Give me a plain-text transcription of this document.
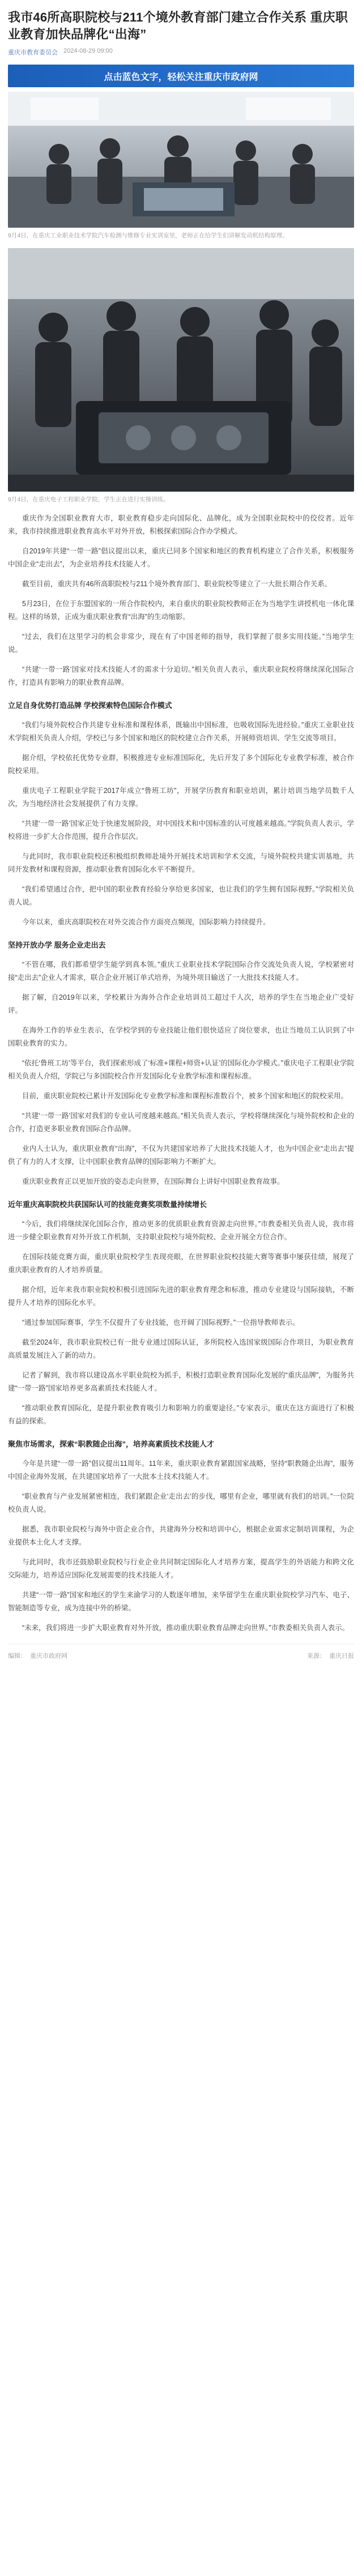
我市46所高职院校与211个境外教育部门建立合作关系 重庆职业教育加快品牌化“出海”
重庆市教育委员会 2024-08-29 09:00
点击蓝色文字，轻松关注重庆市政府网
9月4日，在重庆工业职业技术学院汽车检测与维修专业实训室里，老师正在给学生们讲解发动机结构原理。
9月4日，在重庆电子工程职业学院，学生正在进行实操训练。

重庆作为全国职业教育大市，职业教育稳步走向国际化、品牌化，成为全国职业院校中的佼佼者。近年来，我市持续推进职业教育高水平对外开放，积极探索国际合作办学模式。

自2019年共建“一带一路”倡议提出以来，重庆已同多个国家和地区的教育机构建立了合作关系，积极服务中国企业“走出去”，为企业培养技术技能人才。

截至目前，重庆共有46所高职院校与211个境外教育部门、职业院校等建立了一大批长期合作关系。

5月23日，在位于东盟国家的一所合作院校内，来自重庆的职业院校教师正在为当地学生讲授机电一体化课程。这样的场景，正成为重庆职业教育“出海”的生动缩影。

“过去，我们在这里学习的机会非常少，现在有了中国老师的指导，我们掌握了很多实用技能。”当地学生说。

“共建‘一带一路’国家对技术技能人才的需求十分迫切。”相关负责人表示，重庆职业院校将继续深化国际合作，打造具有影响力的职业教育品牌。

立足自身优势打造品牌 学校探索特色国际合作模式

“我们与境外院校合作共建专业标准和课程体系，既输出中国标准，也吸收国际先进经验。”重庆工业职业技术学院相关负责人介绍，学校已与多个国家和地区的院校建立合作关系，开展师资培训、学生交流等项目。

据介绍，学校依托优势专业群，积极推进专业标准国际化，先后开发了多个国际化专业教学标准，被合作院校采用。

重庆电子工程职业学院于2017年成立“鲁班工坊”，开展学历教育和职业培训，累计培训当地学员数千人次，为当地经济社会发展提供了有力支撑。

“共建‘一带一路’国家正处于快速发展阶段，对中国技术和中国标准的认可度越来越高。”学院负责人表示，学校将进一步扩大合作范围，提升合作层次。

与此同时，我市职业院校还积极组织教师赴境外开展技术培训和学术交流，与境外院校共建实训基地，共同开发教材和课程资源，推动职业教育国际化水平不断提升。

“我们希望通过合作，把中国的职业教育经验分享给更多国家，也让我们的学生拥有国际视野。”学院相关负责人说。

今年以来，重庆高职院校在对外交流合作方面亮点频现，国际影响力持续提升。

坚持开放办学 服务企业走出去

“不管在哪，我们都希望学生能学到真本领。”重庆工业职业技术学院国际合作交流处负责人说，学校紧密对接“走出去”企业人才需求，联合企业开展订单式培养，为境外项目输送了一大批技术技能人才。

据了解，自2019年以来，学校累计为海外合作企业培训员工超过千人次，培养的学生在当地企业广受好评。

在海外工作的毕业生表示，在学校学到的专业技能让他们很快适应了岗位要求，也让当地员工认识到了中国职业教育的实力。

“依托‘鲁班工坊’等平台，我们探索形成了‘标准+课程+师资+认证’的国际化办学模式。”重庆电子工程职业学院相关负责人介绍，学院已与多国院校合作开发国际化专业教学标准和课程标准。

目前，重庆职业院校已累计开发国际化专业教学标准和课程标准数百个，被多个国家和地区的院校采用。

“共建‘一带一路’国家对我们的专业认可度越来越高。”相关负责人表示，学校将继续深化与境外院校和企业的合作，打造更多职业教育国际合作品牌。

业内人士认为，重庆职业教育“出海”，不仅为共建国家培养了大批技术技能人才，也为中国企业“走出去”提供了有力的人才支撑，让中国职业教育品牌的国际影响力不断扩大。

重庆职业教育正以更加开放的姿态走向世界，在国际舞台上讲好中国职业教育故事。

近年重庆高职院校共获国际认可的技能竞赛奖项数量持续增长

“今后，我们将继续深化国际合作，推动更多的优质职业教育资源走向世界。”市教委相关负责人说，我市将进一步健全职业教育对外开放工作机制，支持职业院校与境外院校、企业开展全方位合作。

在国际技能竞赛方面，重庆职业院校学生表现亮眼，在世界职业院校技能大赛等赛事中屡获佳绩，展现了重庆职业教育的人才培养质量。

据介绍，近年来我市职业院校积极引进国际先进的职业教育理念和标准，推动专业建设与国际接轨，不断提升人才培养的国际化水平。

“通过参加国际赛事，学生不仅提升了专业技能，也开阔了国际视野。”一位指导教师表示。

截至2024年，我市职业院校已有一批专业通过国际认证，多所院校入选国家级国际合作项目，为职业教育高质量发展注入了新的动力。

记者了解到，我市将以建设高水平职业院校为抓手，积极打造职业教育国际化发展的“重庆品牌”，为服务共建“一带一路”国家培养更多高素质技术技能人才。

“推动职业教育国际化，是提升职业教育吸引力和影响力的重要途径。”专家表示，重庆在这方面进行了积极有益的探索。

聚焦市场需求，探索“职教随企出海”，培养高素质技术技能人才

今年是共建“一带一路”倡议提出11周年。11年来，重庆职业教育紧跟国家战略，坚持“职教随企出海”，服务中国企业海外发展，在共建国家培养了一大批本土技术技能人才。

“职业教育与产业发展紧密相连，我们紧跟企业‘走出去’的步伐，哪里有企业，哪里就有我们的培训。”一位院校负责人说。

据悉，我市职业院校与海外中资企业合作，共建海外分校和培训中心，根据企业需求定制培训课程，为企业提供本土化人才支撑。

与此同时，我市还鼓励职业院校与行业企业共同制定国际化人才培养方案，提高学生的外语能力和跨文化交际能力，培养适应国际化发展需要的技术技能人才。

共建“一带一路”国家和地区的学生来渝学习的人数逐年增加，来华留学生在重庆职业院校学习汽车、电子、智能制造等专业，成为连接中外的桥梁。

“未来，我们将进一步扩大职业教育对外开放，推动重庆职业教育品牌走向世界。”市教委相关负责人表示。

编辑： 重庆市政府网	来源： 重庆日报
